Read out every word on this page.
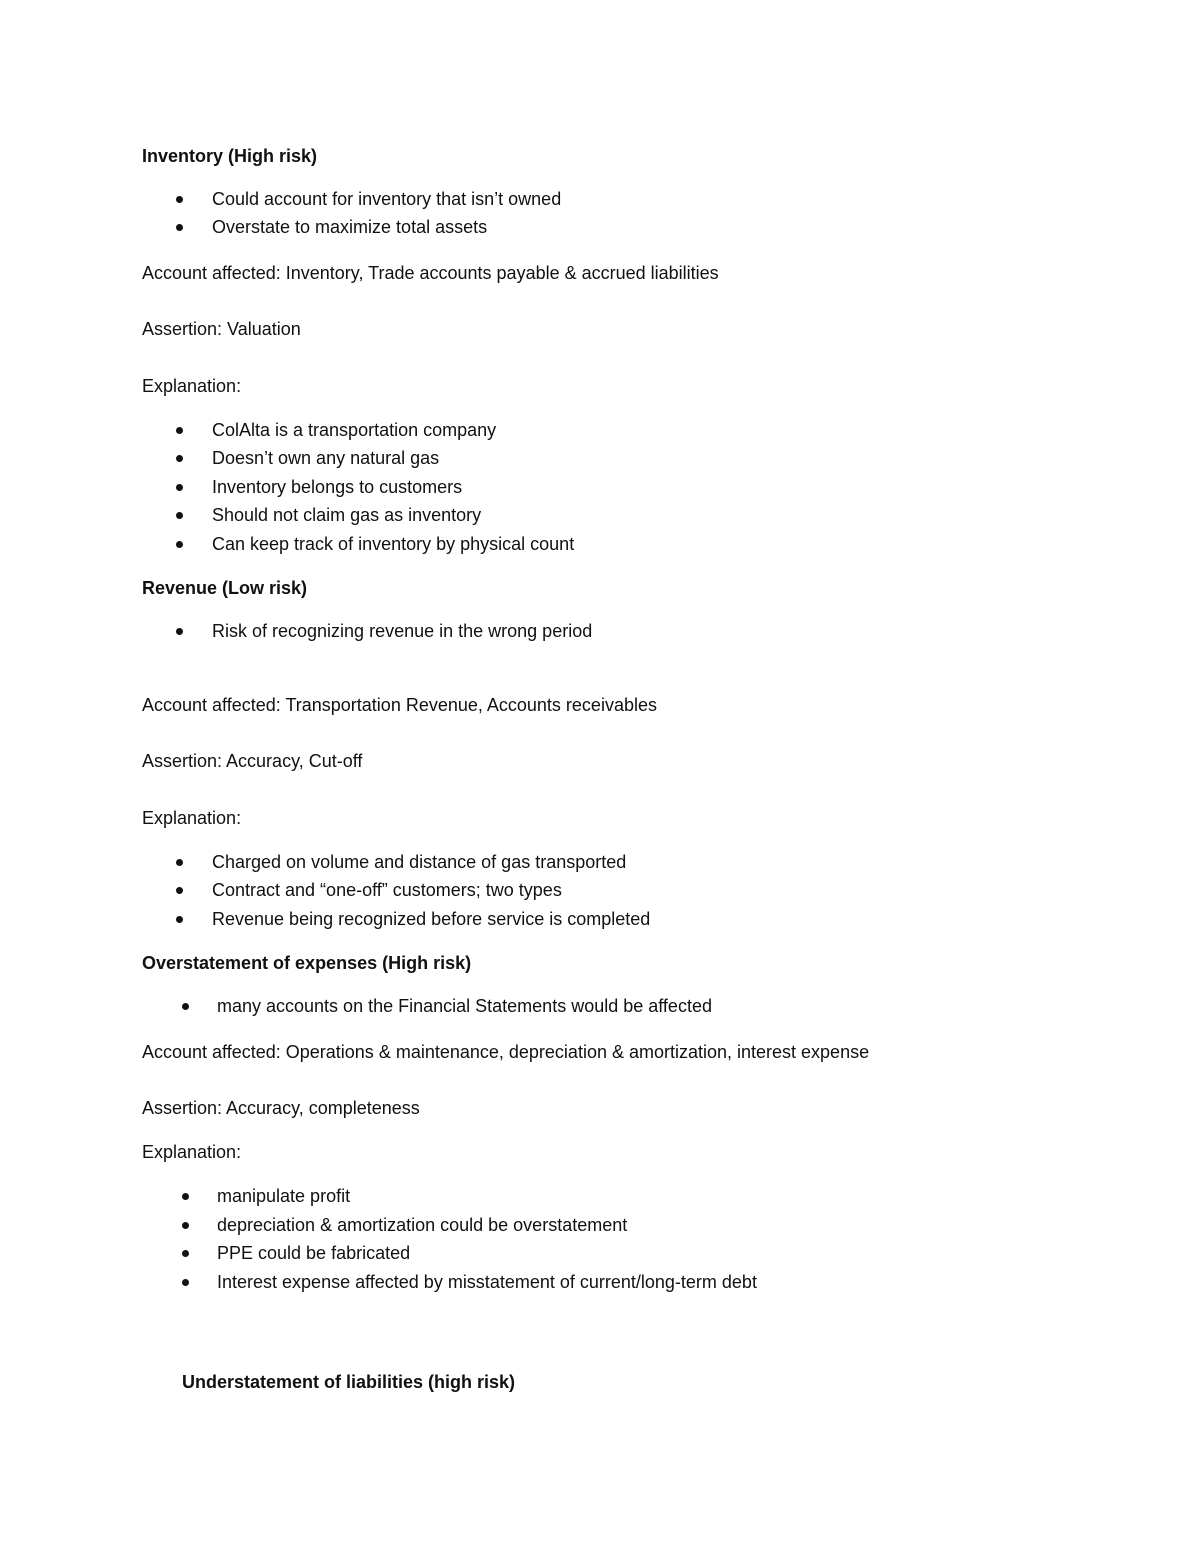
Inventory (High risk)
Could account for inventory that isn’t owned
Overstate to maximize total assets
Account affected: Inventory, Trade accounts payable & accrued liabilities
Assertion: Valuation
Explanation:
ColAlta is a transportation company
Doesn’t own any natural gas
Inventory belongs to customers
Should not claim gas as inventory
Can keep track of inventory by physical count
Revenue (Low risk)
Risk of recognizing revenue in the wrong period
Account affected: Transportation Revenue, Accounts receivables
Assertion: Accuracy, Cut-off
Explanation:
Charged on volume and distance of gas transported
Contract and “one-off” customers; two types
Revenue being recognized before service is completed
Overstatement of expenses (High risk)
many accounts on the Financial Statements would be affected
Account affected: Operations & maintenance, depreciation & amortization, interest expense
Assertion: Accuracy, completeness
Explanation:
manipulate profit
depreciation & amortization could be overstatement
PPE could be fabricated
Interest expense affected by misstatement of current/long-term debt
Understatement of liabilities (high risk)
